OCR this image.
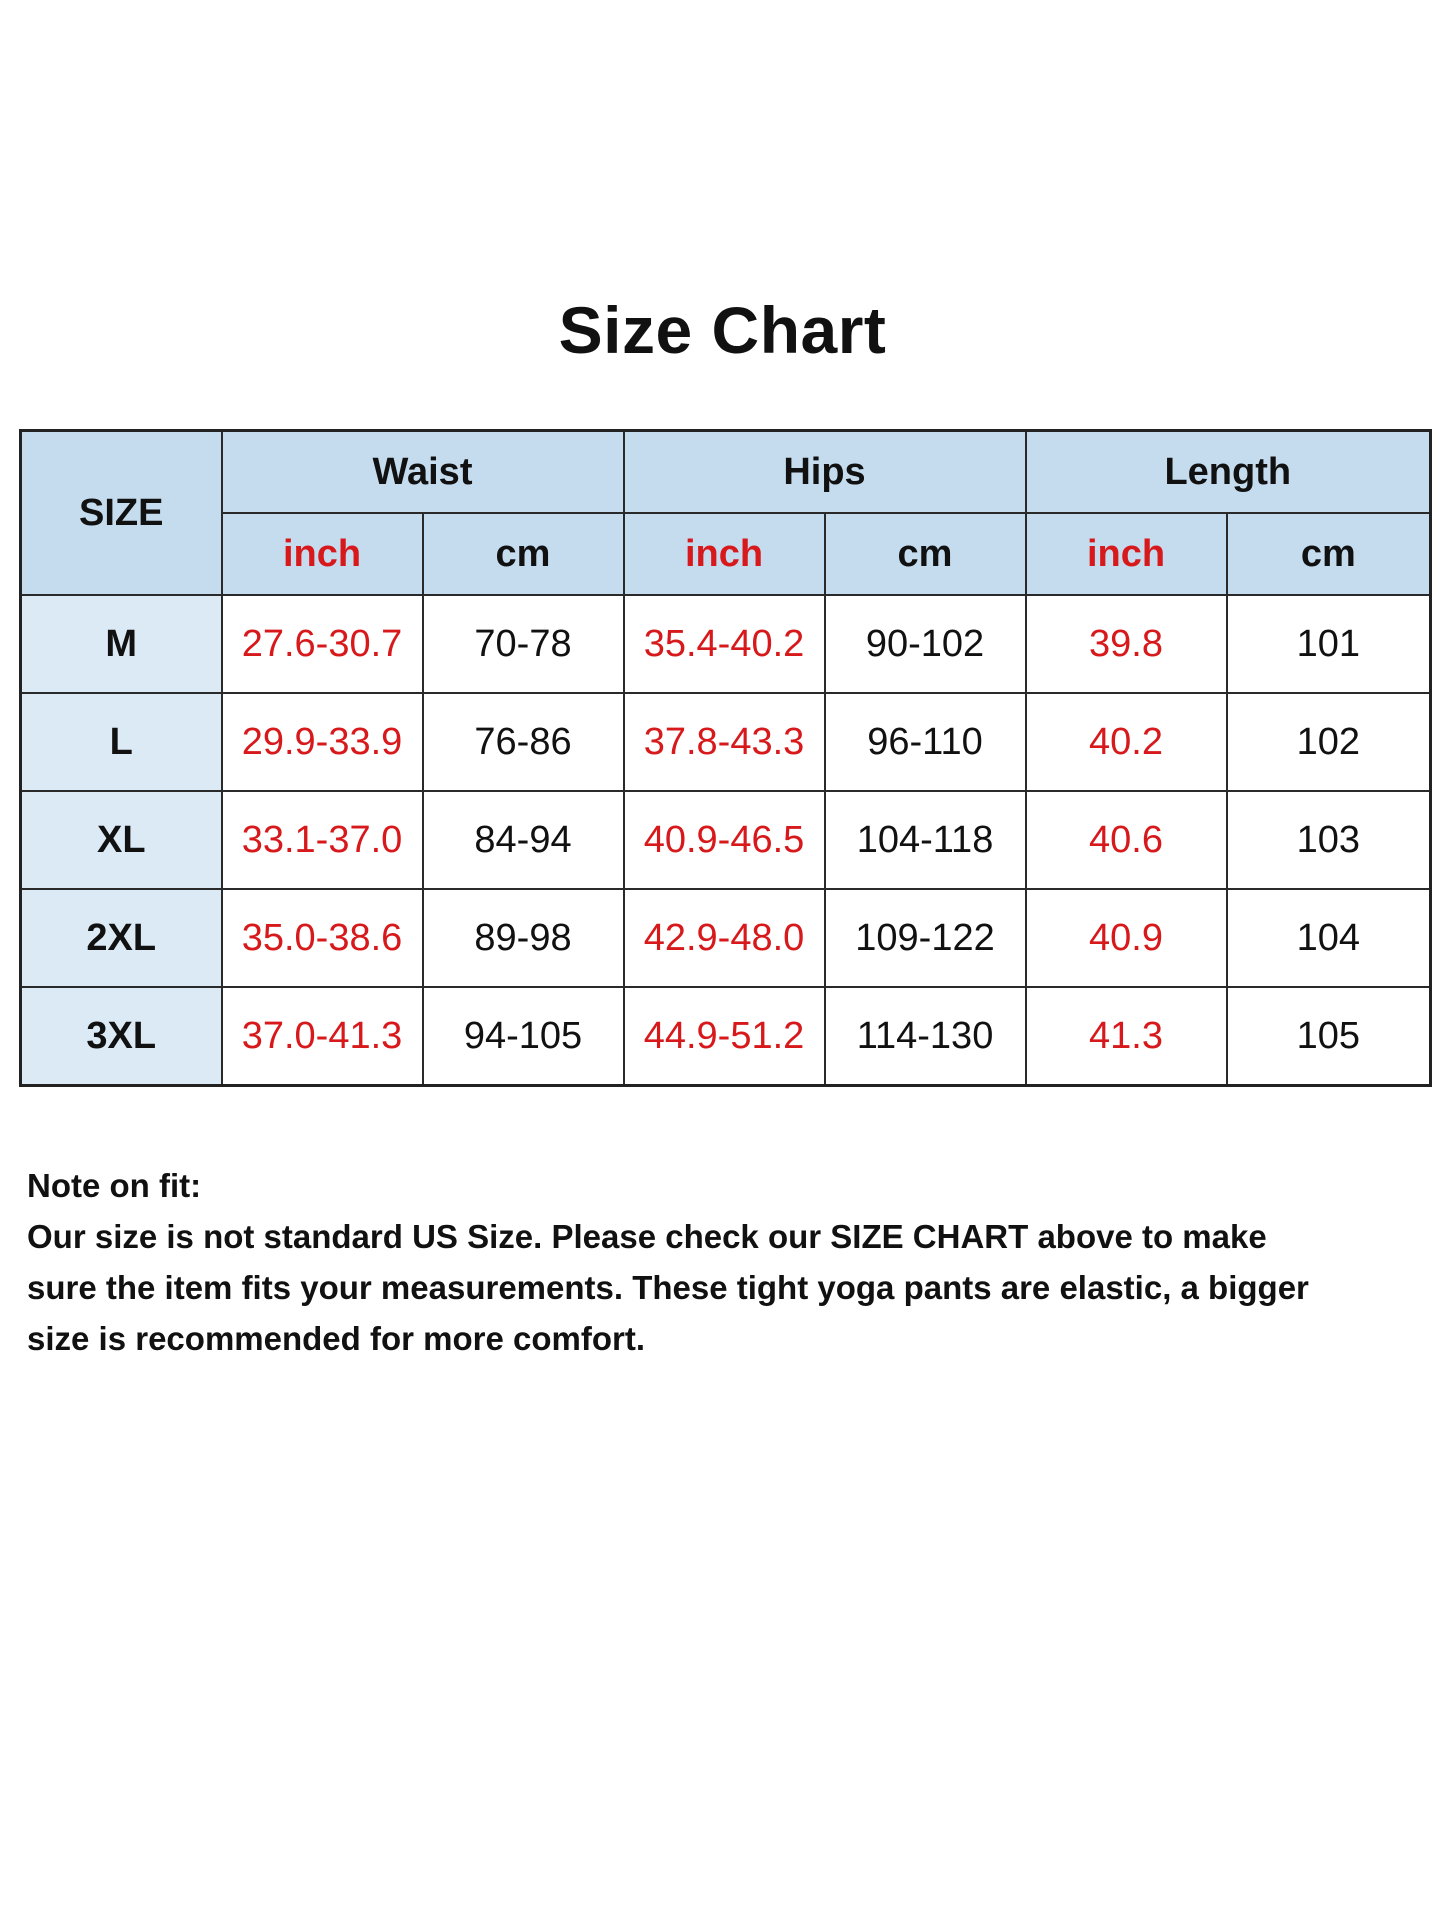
Size Chart
SIZE	Waist		Hips		Length	
	inch	cm	inch	cm	inch	cm
M	27.6-30.7	70-78	35.4-40.2	90-102	39.8	101
L	29.9-33.9	76-86	37.8-43.3	96-110	40.2	102
XL	33.1-37.0	84-94	40.9-46.5	104-118	40.6	103
2XL	35.0-38.6	89-98	42.9-48.0	109-122	40.9	104
3XL	37.0-41.3	94-105	44.9-51.2	114-130	41.3	105

Note on fit:

Our size is not standard US Size. Please check our SIZE CHART above to make

sure the item fits your measurements. These tight yoga pants are elastic, a bigger

size is recommended for more comfort.
